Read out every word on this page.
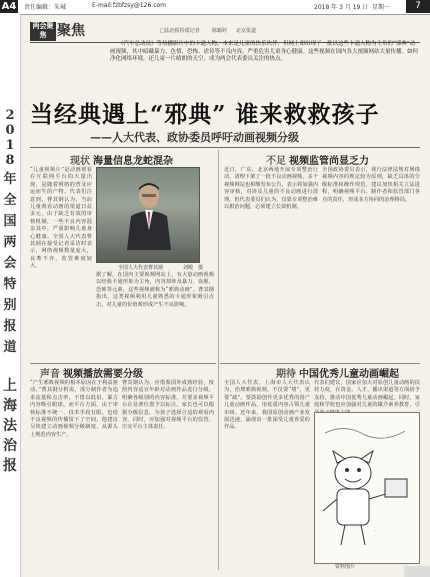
A4 责任编辑：朱城	E-mail:fzbfzsy@126.com	2018 年 3 月 19 日 星期一	7
2
0
1
8
年
全
国
两
会
特
别
报
道
上
海
法
治
报
两会聚焦 聚焦	□法治报特派记者 陈颖婷 北京报道
《汽车总动员》等热播影片中的卡通人物，本来是儿童的快乐伙伴，但网上却出现了一批以这些卡通人物为主角的“邪典”动画视频，其中暗藏暴力、色情、恐怖、虐待等不良内容，严重危害儿童身心健康。这些视频在国内各大视频网站大量传播。如何净化网络环境，还儿童一片晴朗的天空，成为两会代表委员关注的热点。
当经典遇上“邪典” 谁来救救孩子
——人大代表、政协委员呼吁动画视频分级
现状 海量信息龙蛇混杂	不足 视频监管尚显乏力
期待 中国优秀儿童动画崛起
声音 视频播放需要分级
“儿童视频片”是动画观看在互联网平台的大量出现，是随着网络的普及应运而生的产物。代表们注意到，曹其钢认为，当前儿童观看动画的渠道日益多元，由于缺乏有效的审核机制，一些不良内容混杂其中，严重影响儿童身心健康。全国人大代表曹其钢在接受记者采访时表示，网络视频数量庞大，良莠不齐，监管难度较大。
据了解，在国内主要视频网站上，有大量动画视频以经典卡通形象为主角，内容却涉及暴力、血腥、恐怖等元素，这些视频被称为“邪典动画”。曹其钢指出，这类视频利用儿童熟悉的卡通形象吸引点击，对儿童的价值观形成产生不良影响。
全国人大代表曹其钢　　　　刘殿　摄
“产生邪典视频的根本原因在于利益驱动。”曹其钢分析说，部分制作者为追求流量和点击率，不惜以低俗、暴力内容吸引眼球。而平台方面，由于审核标准不统一、技术手段有限，也给不良视频的传播留下了空间。他建议尽快建立动画视频分级制度，从源头上规范内容生产。
曹其钢认为，应借鉴国外成熟经验，按照内容适宜年龄对动画作品进行分级，明确各级别的内容标准，并要求视频平台在显著位置予以标注。家长也可以根据分级信息，为孩子选择合适的观看内容。同时，应加强对视频平台的监管，压实平台主体责任。
近日，广东、北京两地开展专项整治行动，清理下架了一批不良动画视频。多个视频网站也相继发布公告，表示将加强内容审核，对涉及儿童的不良动画进行清理。但代表委员们认为，仅靠专项整治难以根治问题，必须建立长效机制。
全国政协委员表示，现行法律法规对网络视频内容的规定较为原则，缺乏具体的分级标准和操作规范。建议加快相关立法进程，明确视频平台、制作者和监管部门各自的责任，形成多方协同的治理格局。
全国人大代表、上海市人大代表认为，治理邪典视频，不仅要“堵”，更要“疏”。要鼓励创作更多优秀的国产儿童动画作品，用优质内容占领儿童市场。近年来，我国原创动画产业发展迅速，涌现出一批深受儿童喜爱的作品。
代表们建议，国家应加大对原创儿童动画的扶持力度，在资金、人才、播出渠道等方面给予支持，推动中国优秀儿童动画崛起。同时，家庭和学校也应加强对儿童的媒介素养教育，引
·
资料图片
